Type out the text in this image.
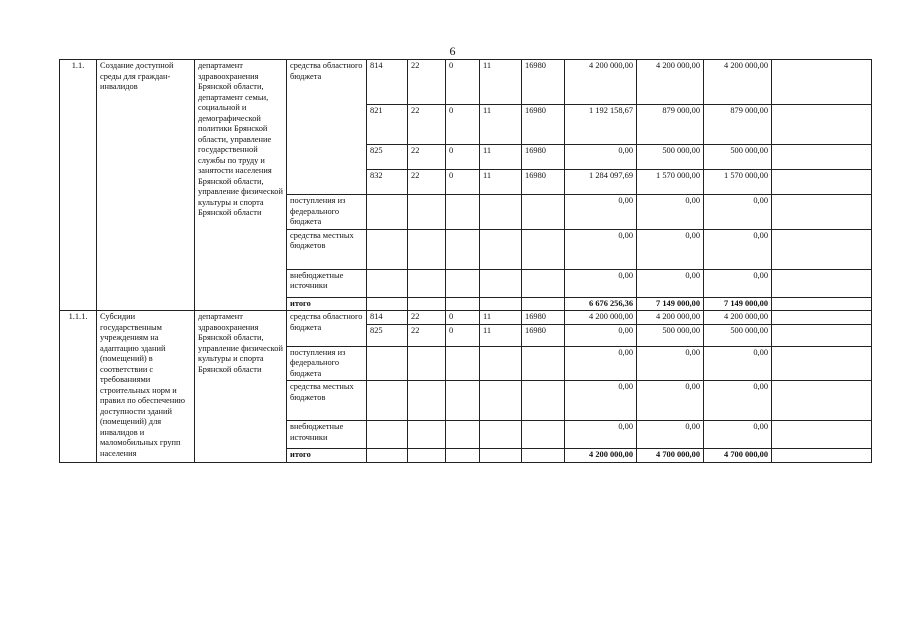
6
1.1.	Создание доступной среды для граждан-инвалидов	департамент здравоохранения Брянской области, департамент семьи, социальной и демографической политики Брянской области, управление государственной службы по труду и занятости населения Брянской области, управление физической культуры и спорта Брянской области	средства областного бюджета	814	22	0	11	16980	4 200 000,00	4 200 000,00	4 200 000,00	
				821	22	0	11	16980	1 192 158,67	879 000,00	879 000,00	
				825	22	0	11	16980	0,00	500 000,00	500 000,00	
				832	22	0	11	16980	1 284 097,69	1 570 000,00	1 570 000,00	
			поступления из федерального бюджета						0,00	0,00	0,00	
			средства местных бюджетов						0,00	0,00	0,00	
			внебюджетные источники						0,00	0,00	0,00	
			итого						6 676 256,36	7 149 000,00	7 149 000,00	
1.1.1.	Субсидии государственным учреждениям на адаптацию зданий (помещений) в соответствии с требованиями строительных норм и правил по обеспечению доступности зданий (помещений) для инвалидов и маломобильных групп населения	департамент здравоохранения Брянской области, управление физической культуры и спорта Брянской области	средства областного бюджета	814	22	0	11	16980	4 200 000,00	4 200 000,00	4 200 000,00	
				825	22	0	11	16980	0,00	500 000,00	500 000,00	
			поступления из федерального бюджета						0,00	0,00	0,00	
			средства местных бюджетов						0,00	0,00	0,00	
			внебюджетные источники						0,00	0,00	0,00	
			итого						4 200 000,00	4 700 000,00	4 700 000,00	
